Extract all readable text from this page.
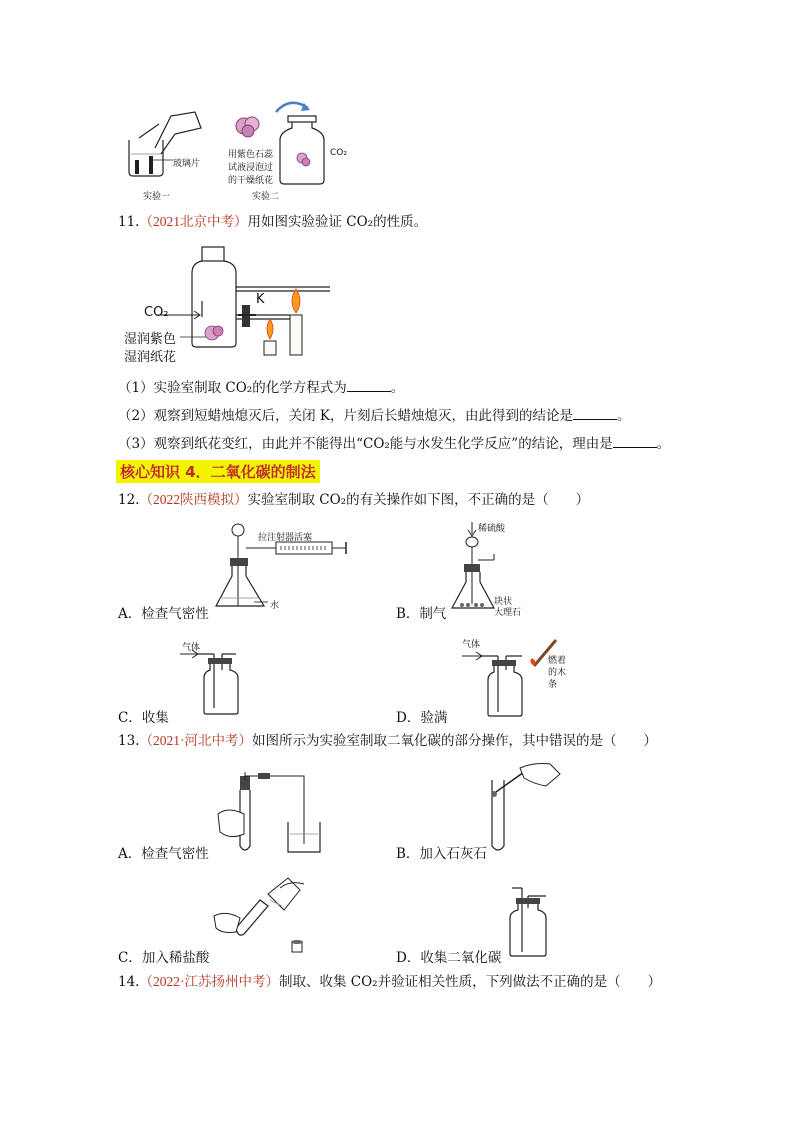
玻璃片
实验一
用紫色石蕊
试液浸泡过
的干燥纸花
实验二
CO₂
11.（2021北京中考）用如图实验验证 CO₂的性质。
CO₂
K
湿润紫色
湿润纸花
（1）实验室制取 CO₂的化学方程式为	。
（2）观察到短蜡烛熄灭后，关闭 K，片刻后长蜡烛熄灭，由此得到的结论是	。
（3）观察到纸花变红，由此并不能得出“CO₂能与水发生化学反应”的结论，理由是	。
核心知识 4．二氧化碳的制法
12.（2022陕西模拟）实验室制取 CO₂的有关操作如下图，不正确的是（　　）
拉注射器活塞
水
稀硫酸
块状
大理石
A．检查气密性	B．制气
气体	气体
燃着
的木
条
C．收集	D．验满
13.（2021·河北中考）如图所示为实验室制取二氧化碳的部分操作，其中错误的是（　　）
A．检查气密性	B．加入石灰石
C．加入稀盐酸	D．收集二氧化碳
14.（2022·江苏扬州中考）制取、收集 CO₂并验证相关性质，下列做法不正确的是（　　）
